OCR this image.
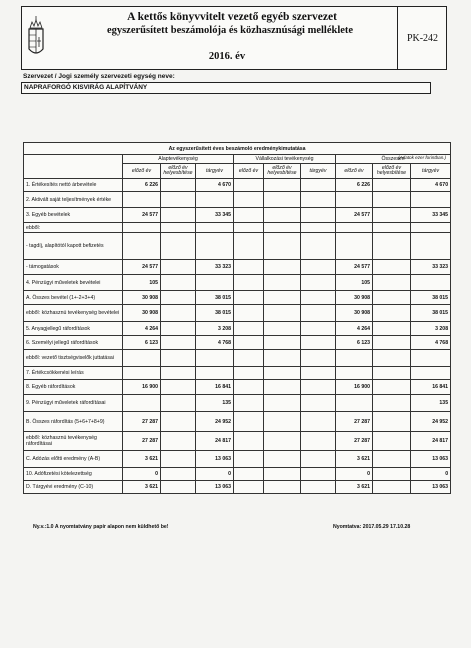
A kettős könyvvitelt vezető egyéb szervezet
egyszerűsített beszámolója és közhasznúsági melléklete
2016. év
PK-242
Szervezet / Jogi személy szervezeti egység neve:
NAPRAFORGÓ KISVIRÁG ALAPÍTVÁNY
Az egyszerűsített éves beszámoló eredménykimutatása
(Adatok ezer forintban.)									

	Alaptevékenység			Vállalkozási tevékenység			Összesen		
	előző év	előző év helyesbítése	tárgyév	előző év	előző év helyesbítése	tárgyév	előző év	előző év helyesbítése	tárgyév
1. Értékesítés nettó árbevétele	6 226		4 670				6 226		4 670
2. Aktivált saját teljesítmények értéke									
3. Egyéb bevételek	24 577		33 345				24 577		33 345
ebből:									
- tagdíj, alapítótól kapott befizetés									
- támogatások	24 577		33 323				24 577		33 323
4. Pénzügyi műveletek bevételei	105						105		
A. Összes bevétel (1+-2+3+4)	30 908		38 015				30 908		38 015
ebből: közhasznú tevékenység bevételei	30 908		38 015				30 908		38 015
5. Anyagjellegű ráfordítások	4 264		3 208				4 264		3 208
6. Személyi jellegű ráfordítások	6 123		4 768				6 123		4 768
ebből: vezető tisztségviselők juttatásai									
7. Értékcsökkenési leírás									
8. Egyéb ráfordítások	16 900		16 841				16 900		16 841
9. Pénzügyi műveletek ráfordításai			135						135
B. Összes ráfordítás (5+6+7+8+9)	27 287		24 952				27 287		24 952
ebből: közhasznú tevékenység ráfordításai	27 287		24 817				27 287		24 817
C. Adózás előtti eredmény (A-B)	3 621		13 063				3 621		13 063
10. Adófizetési kötelezettség	0		0				0		0
D. Tárgyévi eredmény (C-10)	3 621		13 063				3 621		13 063
Ny.v.:1.0 A nyomtatvány papír alapon nem küldhető be!	Nyomtatva: 2017.05.29 17.10.28
